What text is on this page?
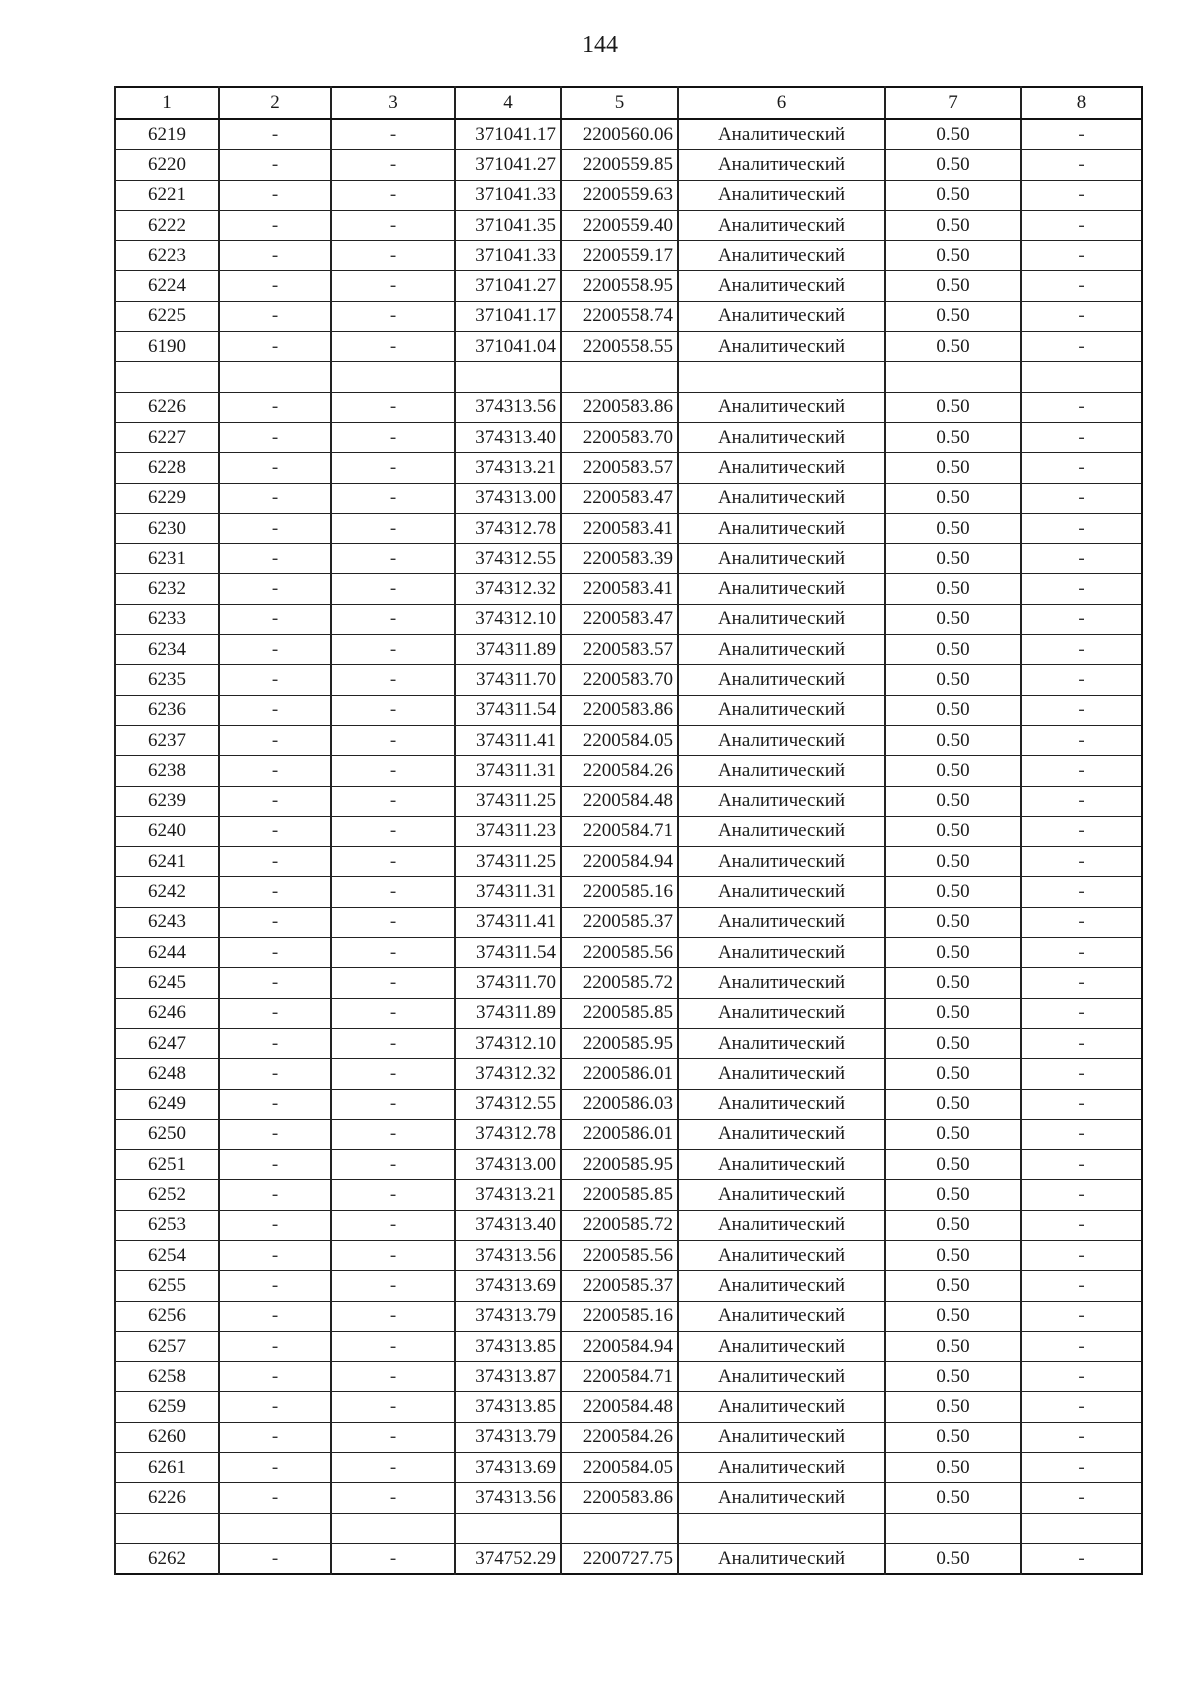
144
1	2	3	4	5	6	7	8
6219	-	-	371041.17	2200560.06	Аналитический	0.50	-
6220	-	-	371041.27	2200559.85	Аналитический	0.50	-
6221	-	-	371041.33	2200559.63	Аналитический	0.50	-
6222	-	-	371041.35	2200559.40	Аналитический	0.50	-
6223	-	-	371041.33	2200559.17	Аналитический	0.50	-
6224	-	-	371041.27	2200558.95	Аналитический	0.50	-
6225	-	-	371041.17	2200558.74	Аналитический	0.50	-
6190	-	-	371041.04	2200558.55	Аналитический	0.50	-

6226	-	-	374313.56	2200583.86	Аналитический	0.50	-
6227	-	-	374313.40	2200583.70	Аналитический	0.50	-
6228	-	-	374313.21	2200583.57	Аналитический	0.50	-
6229	-	-	374313.00	2200583.47	Аналитический	0.50	-
6230	-	-	374312.78	2200583.41	Аналитический	0.50	-
6231	-	-	374312.55	2200583.39	Аналитический	0.50	-
6232	-	-	374312.32	2200583.41	Аналитический	0.50	-
6233	-	-	374312.10	2200583.47	Аналитический	0.50	-
6234	-	-	374311.89	2200583.57	Аналитический	0.50	-
6235	-	-	374311.70	2200583.70	Аналитический	0.50	-
6236	-	-	374311.54	2200583.86	Аналитический	0.50	-
6237	-	-	374311.41	2200584.05	Аналитический	0.50	-
6238	-	-	374311.31	2200584.26	Аналитический	0.50	-
6239	-	-	374311.25	2200584.48	Аналитический	0.50	-
6240	-	-	374311.23	2200584.71	Аналитический	0.50	-
6241	-	-	374311.25	2200584.94	Аналитический	0.50	-
6242	-	-	374311.31	2200585.16	Аналитический	0.50	-
6243	-	-	374311.41	2200585.37	Аналитический	0.50	-
6244	-	-	374311.54	2200585.56	Аналитический	0.50	-
6245	-	-	374311.70	2200585.72	Аналитический	0.50	-
6246	-	-	374311.89	2200585.85	Аналитический	0.50	-
6247	-	-	374312.10	2200585.95	Аналитический	0.50	-
6248	-	-	374312.32	2200586.01	Аналитический	0.50	-
6249	-	-	374312.55	2200586.03	Аналитический	0.50	-
6250	-	-	374312.78	2200586.01	Аналитический	0.50	-
6251	-	-	374313.00	2200585.95	Аналитический	0.50	-
6252	-	-	374313.21	2200585.85	Аналитический	0.50	-
6253	-	-	374313.40	2200585.72	Аналитический	0.50	-
6254	-	-	374313.56	2200585.56	Аналитический	0.50	-
6255	-	-	374313.69	2200585.37	Аналитический	0.50	-
6256	-	-	374313.79	2200585.16	Аналитический	0.50	-
6257	-	-	374313.85	2200584.94	Аналитический	0.50	-
6258	-	-	374313.87	2200584.71	Аналитический	0.50	-
6259	-	-	374313.85	2200584.48	Аналитический	0.50	-
6260	-	-	374313.79	2200584.26	Аналитический	0.50	-
6261	-	-	374313.69	2200584.05	Аналитический	0.50	-
6226	-	-	374313.56	2200583.86	Аналитический	0.50	-

6262	-	-	374752.29	2200727.75	Аналитический	0.50	-
